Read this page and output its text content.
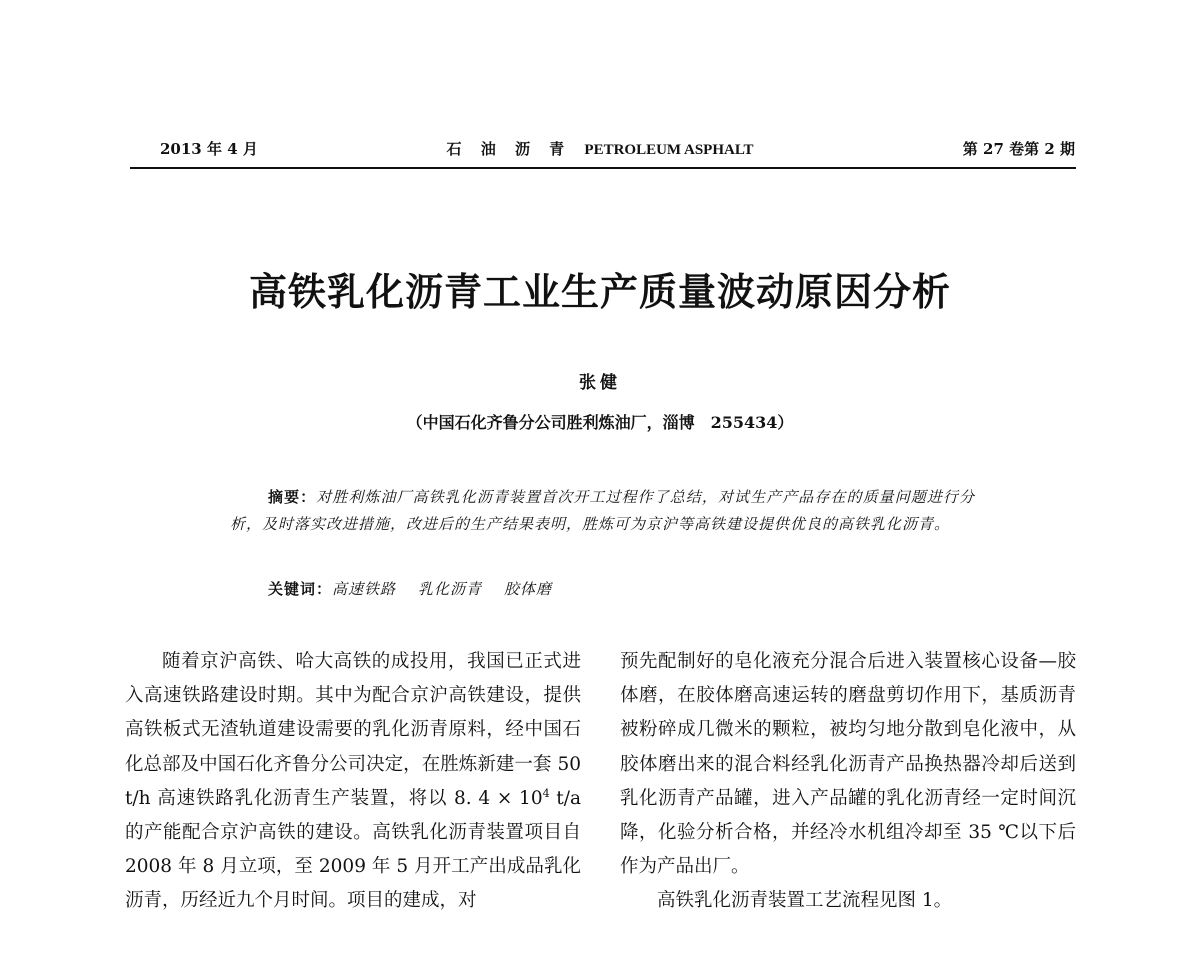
2013 年 4 月	石 油 沥 青 PETROLEUM ASPHALT	第 27 卷第 2 期
高铁乳化沥青工业生产质量波动原因分析
张健
（中国石化齐鲁分公司胜利炼油厂，淄博　255434）
摘要：对胜利炼油厂高铁乳化沥青装置首次开工过程作了总结，对试生产产品存在的质量问题进行分析，及时落实改进措施，改进后的生产结果表明，胜炼可为京沪等高铁建设提供优良的高铁乳化沥青。
关键词：高速铁路 乳化沥青 胶体磨

随着京沪高铁、哈大高铁的成投用，我国已正式进入高速铁路建设时期。其中为配合京沪高铁建设，提供高铁板式无渣轨道建设需要的乳化沥青原料，经中国石化总部及中国石化齐鲁分公司决定，在胜炼新建一套 50 t/h 高速铁路乳化沥青生产装置，将以 8. $4 \times 10^4$ t/a 的产能配合京沪高铁的建设。高铁乳化沥青装置项目自 2008 年 8 月立项，至 2009 年 5 月开工产出成品乳化沥青，历经近九个月时间。项目的建成，对

预先配制好的皂化液充分混合后进入装置核心设备—胶体磨，在胶体磨高速运转的磨盘剪切作用下，基质沥青被粉碎成几微米的颗粒，被均匀地分散到皂化液中，从胶体磨出来的混合料经乳化沥青产品换热器冷却后送到乳化沥青产品罐，进入产品罐的乳化沥青经一定时间沉降，化验分析合格，并经冷水机组冷却至 35 ℃以下后作为产品出厂。

高铁乳化沥青装置工艺流程见图 1。
